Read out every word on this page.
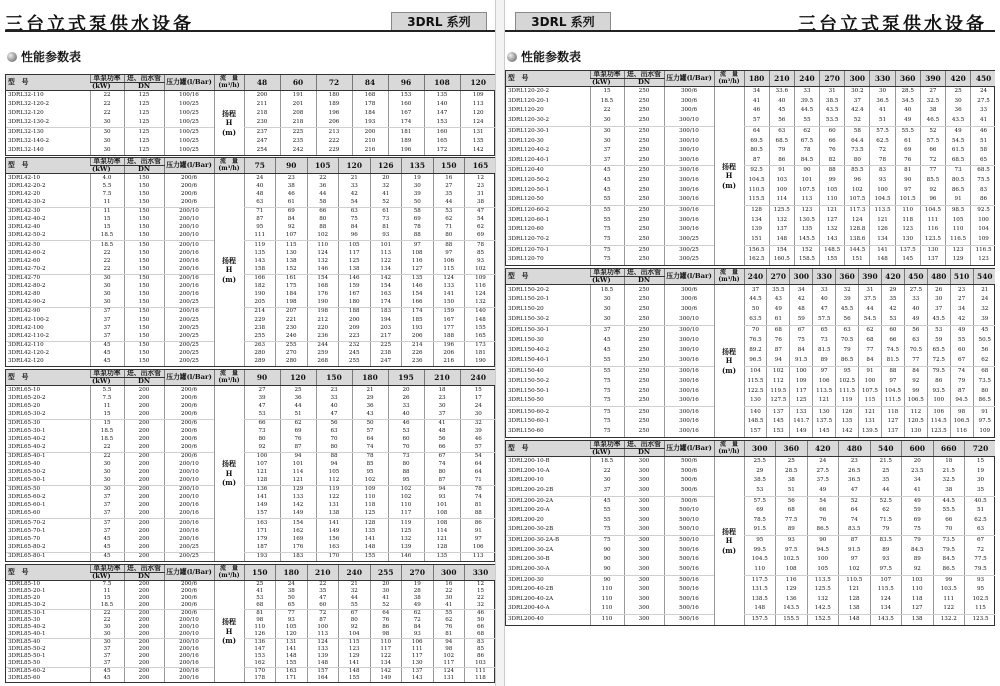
三台立式泵供水设备	3DRL 系列
性能参数表
型　号	单泵功率	进、出水管	压力罐(l/Bar)	流　量
(m³/h)	48	60	72	84	96	108	120
	(kW)	DN									
3DRL32-110	22	125	100/16	扬程
H
(m)	200	191	180	168	153	135	109
3DRL32-120-2	22	125	100/25		211	201	189	178	160	140	113
3DRL32-120	22	125	100/25		218	208	196	184	167	147	120
3DRL32-130-2	30	125	100/25		230	218	206	193	174	153	124
3DRL32-130	30	125	100/25		237	225	213	200	181	160	131
3DRL32-140-2	30	125	100/25		247	235	222	210	189	165	135
3DRL32-140	30	125	100/25		254	242	229	216	196	172	142
型　号	单泵功率	进、出水管	压力罐(l/Bar)	流　量
(m³/h)	75	90	105	120	126	135	150	165
	(kW)	DN										
3DRL42-10	4.0	150	200/6	扬程
H
(m)	24	23	22	21	20	19	16	12
3DRL42-20-2	5.5	150	200/6		40	38	36	33	32	30	27	23
3DRL42-20	7.5	150	200/6		48	46	44	42	41	39	35	31
3DRL42-30-2	11	150	200/6		63	61	58	54	52	50	44	38
3DRL42-30	11	150	200/10		71	69	66	63	61	58	53	47
3DRL42-40-2	15	150	200/10		87	84	80	75	73	69	62	54
3DRL42-40	15	150	200/10		95	92	88	84	81	78	71	62
3DRL42-50-2	18.5	150	200/10		111	107	102	96	93	88	80	69
3DRL42-50	18.5	150	200/10		119	115	110	105	101	97	88	78
3DRL42-60-2	22	150	200/16		135	130	124	117	113	108	97	85
3DRL42-60	22	150	200/16		143	138	132	125	122	116	106	93
3DRL42-70-2	22	150	200/16		158	152	146	138	134	127	115	102
3DRL42-70	30	150	200/16		166	161	154	146	142	135	124	109
3DRL42-80-2	30	150	200/16		182	175	168	159	154	146	133	116
3DRL42-80	30	150	200/16		190	184	176	167	163	154	141	124
3DRL42-90-2	30	150	200/25		205	198	190	180	174	166	150	132
3DRL42-90	37	150	200/16		214	207	198	188	183	174	159	140
3DRL42-100-2	37	150	200/25		229	221	212	200	194	185	167	148
3DRL42-100	37	150	200/25		238	230	220	209	203	193	177	155
3DRL42-110-2	37	150	200/25		255	246	236	223	217	206	188	165
3DRL42-110	45	150	200/25		263	255	244	232	225	214	196	173
3DRL42-120-2	45	150	200/25		280	270	259	245	238	226	206	181
3DRL42-120	45	150	200/25		289	280	268	255	247	236	216	190
型　号	单泵功率	进、出水管	压力罐(l/Bar)	流　量
(m³/h)	90	120	150	180	195	210	240
	(kW)	DN									
3DRL65-10	5.5	200	200/6	扬程
H
(m)	27	25	23	21	20	18	15
3DRL65-20-2	7.5	200	200/6		39	36	33	29	26	23	17
3DRL65-20	11	200	200/6		47	44	40	36	33	30	24
3DRL65-30-2	15	200	200/6		53	51	47	43	40	37	30
3DRL65-30	15	200	200/6		66	62	56	50	46	41	32
3DRL65-30-1	18.5	200	200/6		73	69	63	57	53	48	39
3DRL65-40-2	18.5	200	200/6		80	76	70	64	60	56	46
3DRL65-40-2	22	200	200/6		92	87	80	74	70	66	57
3DRL65-40-1	22	200	200/6		100	94	88	78	73	67	54
3DRL65-40	30	200	200/10		107	101	94	85	80	74	64
3DRL65-50-2	30	200	200/10		121	114	105	95	88	80	64
3DRL65-50-1	30	200	200/10		128	121	112	102	95	87	71
3DRL65-50	30	200	200/10		136	129	119	109	102	94	78
3DRL65-60-2	37	200	200/10		141	133	122	110	102	93	74
3DRL65-60-1	37	200	200/16		149	142	131	118	110	101	81
3DRL65-60	37	200	200/16		157	149	138	125	117	108	88
3DRL65-70-2	37	200	200/16		163	154	141	128	119	108	86
3DRL65-70-1	37	200	200/16		171	162	149	135	125	114	91
3DRL65-70	45	200	200/16		179	169	156	141	132	121	97
3DRL65-80-2	45	200	200/25		187	176	163	148	139	128	106
3DRL65-80-1	45	200	200/25		193	183	170	155	146	135	113
型　号	单泵功率	进、出水管	压力罐(l/Bar)	流　量
(m³/h)	150	180	210	240	255	270	300	330
	(kW)	DN										
3DRL85-10	7.5	200	200/6	扬程
H
(m)	25	24	22	21	20	19	16	12
3DRL85-20-1	11	200	200/6		41	38	35	32	30	28	22	15
3DRL85-20	15	200	200/6		53	50	47	44	41	38	30	22
3DRL85-30-2	18.5	200	200/6		68	65	60	55	52	49	41	32
3DRL85-30-1	22	200	200/6		81	77	72	67	64	62	55	46
3DRL85-30	22	200	200/10		98	93	87	80	76	72	62	50
3DRL85-40-2	30	200	200/10		110	105	100	92	86	84	76	66
3DRL85-40-1	30	200	200/10		126	120	113	104	98	93	81	68
3DRL85-40	30	200	200/10		136	131	124	115	110	106	94	83
3DRL85-50-2	37	200	200/16		147	141	133	123	117	111	98	85
3DRL85-50-1	37	200	200/16		153	148	139	129	122	117	102	86
3DRL85-50	37	200	200/16		162	155	148	141	134	130	117	103
3DRL85-60-2	45	200	200/16		170	163	157	148	142	137	124	111
3DRL85-60	45	200	200/16		178	171	164	155	149	143	131	118
3DRL 系列	三台立式泵供水设备
性能参数表
型　号	单泵功率	进、出水管	压力罐(l/Bar)	流　量
(m³/h)	180	210	240	270	300	330	360	390	420	450
	(kW)	DN												
3DRL120-20-2	15	250	300/6	扬程
H
(m)	34	33.6	33	31	30.2	30	28.5	27	25	24
3DRL120-20-1	18.5	250	300/6		41	40	39.5	38.5	37	36.5	34.5	32.5	30	27.5
3DRL120-20	22	250	300/6		46	45	44.5	43.5	42.4	41	40	38	36	33
3DRL120-30-2	30	250	300/10		57	56	55	53.5	52	51	49	46.5	43.5	41
3DRL120-30-1	30	250	300/10		64	63	62	60	58	57.5	55.5	52	49	46
3DRL120-30	30	250	300/10		69.5	68.5	67.5	66	64.4	62.5	61	57.5	54.5	51
3DRL120-40-2	37	250	300/10		80.5	79	78	76	73.5	72	69	66	61.5	58
3DRL120-40-1	37	250	300/16		87	86	84.5	82	80	78	76	72	68.5	65
3DRL120-40	45	250	300/16		92.5	91	90	88	85.5	83	81	77	73	68.5
3DRL120-50-2	45	250	300/16		104.5	103	101	99	96	93	90	85.5	80.5	75.5
3DRL120-50-1	45	250	300/16		110.5	109	107.5	105	102	100	97	92	86.5	83
3DRL120-50	55	250	300/16		115.5	114	113	110	107.5	104.5	101.5	96	91	86
3DRL120-60-2	55	250	300/16		128	125.5	123	121	117.3	113.5	110	104.5	98.5	92.5
3DRL120-60-1	55	250	300/16		134	132	130.5	127	124	121	118	111	105	100
3DRL120-60	75	250	300/16		139	137	135	132	128.8	126	123	116	110	104
3DRL120-70-2	75	250	300/25		151	148	145.5	143	138.6	134	130	123.5	116.5	109
3DRL120-70-1	75	250	300/25		156.5	154	152	148.5	144.5	141	137.5	130	123	116.5
3DRL120-70	75	250	300/25		162.5	160.5	158.5	155	151	148	145	137	129	123
型　号	单泵功率	进、出水管	压力罐(l/Bar)	流　量
(m³/h)	240	270	300	330	360	390	420	450	480	510	540
	(kW)	DN													
3DRL150-20-2	18.5	250	300/6	扬程
H
(m)	37	35.5	34	33	32	31	29	27.5	26	23	21
3DRL150-20-1	30	250	300/6		44.5	43	42	40	39	37.5	35	33	30	27	24
3DRL150-20	30	250	300/6		50	49	48	47	45.5	44	42	40	37	34	32
3DRL150-30-2	30	250	300/10		63.5	61	59	57.5	56	54.5	53	49	45.5	42	39
3DRL150-30-1	37	250	300/10		70	68	67	65	63	62	60	56	53	49	45
3DRL150-30	45	250	300/10		76.5	76	75	73	70.5	68	66	63	59	55	50.5
3DRL150-40-2	45	250	300/10		89.2	87	84	81.5	79	77	74.5	70.5	65.5	60	56
3DRL150-40-1	55	250	300/16		96.5	94	91.5	89	86.5	84	81.5	77	72.5	67	62
3DRL150-40	55	250	300/16		104	102	100	97	95	91	88	84	79.5	74	68
3DRL150-50-2	75	250	300/16		115.5	112	109	106	102.5	100	97	92	86	79	73.5
3DRL150-50-1	75	250	300/16		122.5	119.5	117	113.5	111.5	107.5	104.5	99	93.5	87	80
3DRL150-50	75	250	300/16		130	127.5	125	121	119	115	111.5	106.5	100	94.5	86.5
3DRL150-60-2	75	250	300/16		140	137	133	130	126	121	118	112	106	98	91
3DRL150-60-1	75	250	300/16		148.5	145	141.7	137.5	135	131	127	120.5	114.5	106.5	97.5
3DRL150-60	75	250	300/16		157	153	149	145	142	139.5	137	130	123.5	116	109
型　号	单泵功率	进、出水管	压力罐(l/Bar)	流　量
(m³/h)	300	360	420	480	540	600	660	720
	(kW)	DN										
3DRL200-10-B	18.5	300	500/6	扬程
H
(m)	25.5	25	24	23	21.5	20	18	15
3DRL200-10-A	22	300	500/6		29	28.5	27.5	26.5	25	23.5	21.5	19
3DRL200-10	30	300	500/6		38.5	38	37.5	36.5	35	34	32.5	30
3DRL200-20-2B	37	300	500/6		53	51	49	47	44	41	38	35
3DRL200-20-2A	45	300	500/6		57.5	56	54	52	52.5	49	44.5	40.5
3DRL200-20-A	55	300	500/10		69	68	66	64	62	59	55.5	51
3DRL200-20	55	300	500/10		78.5	77.5	76	74	71.5	69	66	62.5
3DRL200-30-2B	75	300	500/10		91.5	89	86.5	83.5	79	75	70	63
3DRL200-30-2A-B	75	300	500/10		95	93	90	87	83.5	79	73.5	67
3DRL200-30-2A	90	300	500/16		99.5	97.5	94.5	91.5	89	84.5	79.5	72
3DRL200-30-B	90	300	500/16		104.5	102.5	100	97	93	89	84.5	77.5
3DRL200-30-A	90	300	500/16		110	108	105	102	97.5	92	86.5	79.5
3DRL200-30	90	300	500/16		117.5	116	113.5	110.5	107	103	99	93
3DRL200-40-2B	110	300	500/16		131.5	129	125.5	121	115.5	110	103.5	95
3DRL200-40-2A	110	300	500/16		138.5	136	132	128	124	118	111	102.5
3DRL200-40-A	110	300	500/16		148	143.5	142.5	138	134	127	122	115
3DRL200-40	110	300	500/16		157.5	155.5	152.5	148	143.5	138	132.2	123.5
